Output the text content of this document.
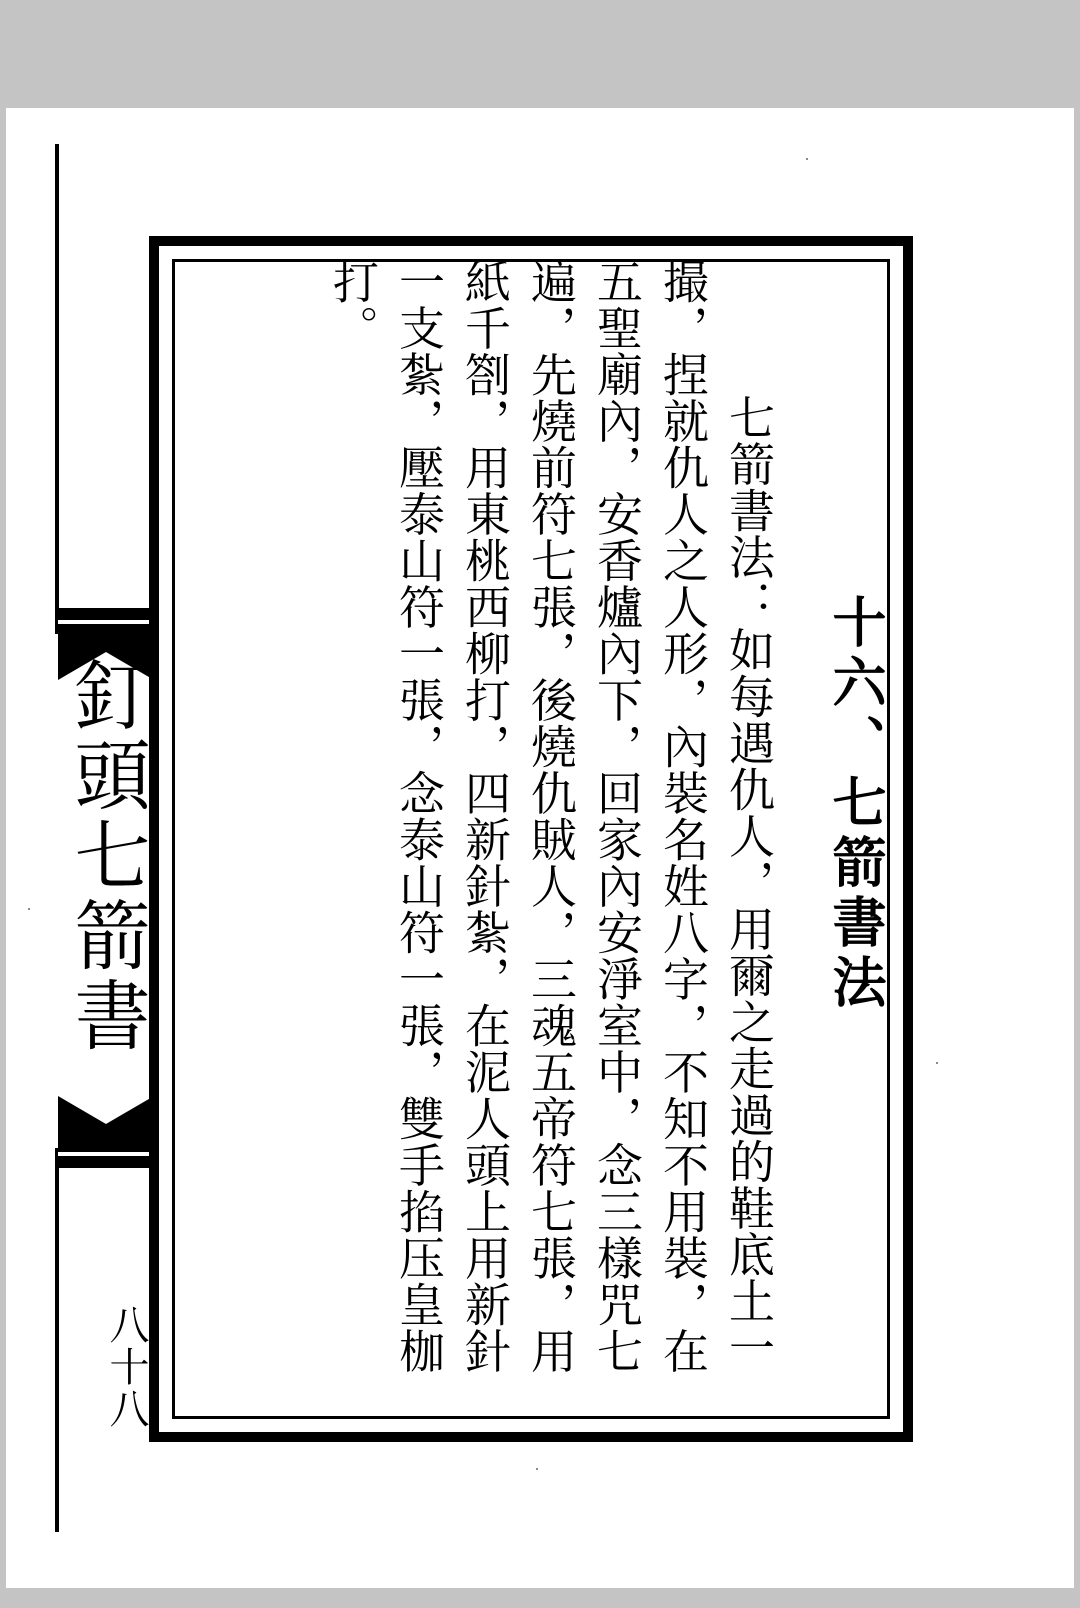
釘頭七箭書
八十八
十六、七箭書法
七箭書法：如每遇仇人，用爾之走過的鞋底土一撮，捏就仇人之人形，內裝名姓八字，不知不用裝，在五聖廟內，安香爐內下，回家內安淨室中，念三樣咒七遍，先燒前符七張，後燒仇賊人，三魂五帝符七張，用紙千劄，用東桃西柳打，四新針紮，在泥人頭上用新針一支紮，壓泰山符一張，念泰山符一張，雙手掐压皇枷打。
